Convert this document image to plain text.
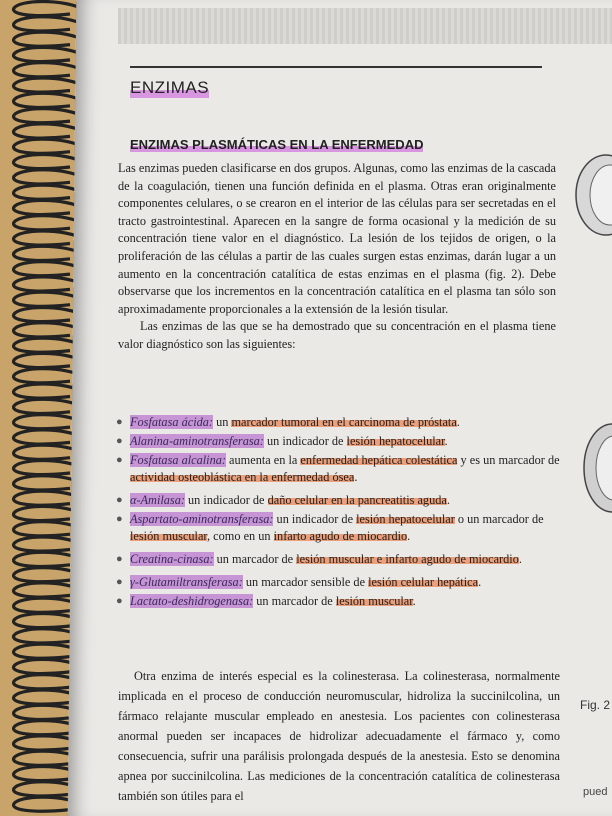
ENZIMAS
ENZIMAS PLASMÁTICAS EN LA ENFERMEDAD

Las enzimas pueden clasificarse en dos grupos. Algunas, como las enzimas de la cascada de la coagulación, tienen una función definida en el plasma. Otras eran originalmente componentes celulares, o se crearon en el interior de las células para ser secretadas en el tracto gastrointestinal. Aparecen en la sangre de forma ocasional y la medición de su concentración tiene valor en el diagnóstico. La lesión de los tejidos de origen, o la proliferación de las células a partir de las cuales surgen estas enzimas, darán lugar a un aumento en la concentración catalítica de estas enzimas en el plasma (fig. 2). Debe observarse que los incrementos en la concentración catalítica en el plasma tan sólo son aproximadamente proporcionales a la extensión de la lesión tisular.

Las enzimas de las que se ha demostrado que su concentración en el plasma tiene valor diagnóstico son las siguientes:

● Fosfatasa ácida: un marcador tumoral en el carcinoma de próstata.
● Alanina-aminotransferasa: un indicador de lesión hepatocelular.
● Fosfatasa alcalina: aumenta en la enfermedad hepática colestática y es un marcador de actividad osteoblástica en la enfermedad ósea.
● α-Amilasa: un indicador de daño celular en la pancreatitis aguda.
● Aspartato-aminotransferasa: un indicador de lesión hepatocelular o un marcador de lesión muscular, como en un infarto agudo de miocardio.
● Creatina-cinasa: un marcador de lesión muscular e infarto agudo de miocardio.
● γ-Glutamiltransferasa: un marcador sensible de lesión celular hepática.
● Lactato-deshidrogenasa: un marcador de lesión muscular.

Otra enzima de interés especial es la colinesterasa. La colinesterasa, normalmente implicada en el proceso de conducción neuromuscular, hidroliza la succinilcolina, un fármaco relajante muscular empleado en anestesia. Los pacientes con colinesterasa anormal pueden ser incapaces de hidrolizar adecuadamente el fármaco y, como consecuencia, sufrir una parálisis prolongada después de la anestesia. Esto se denomina apnea por succinilcolina. Las mediciones de la concentración catalítica de colinesterasa también son útiles para el

Fig. 2
pued
